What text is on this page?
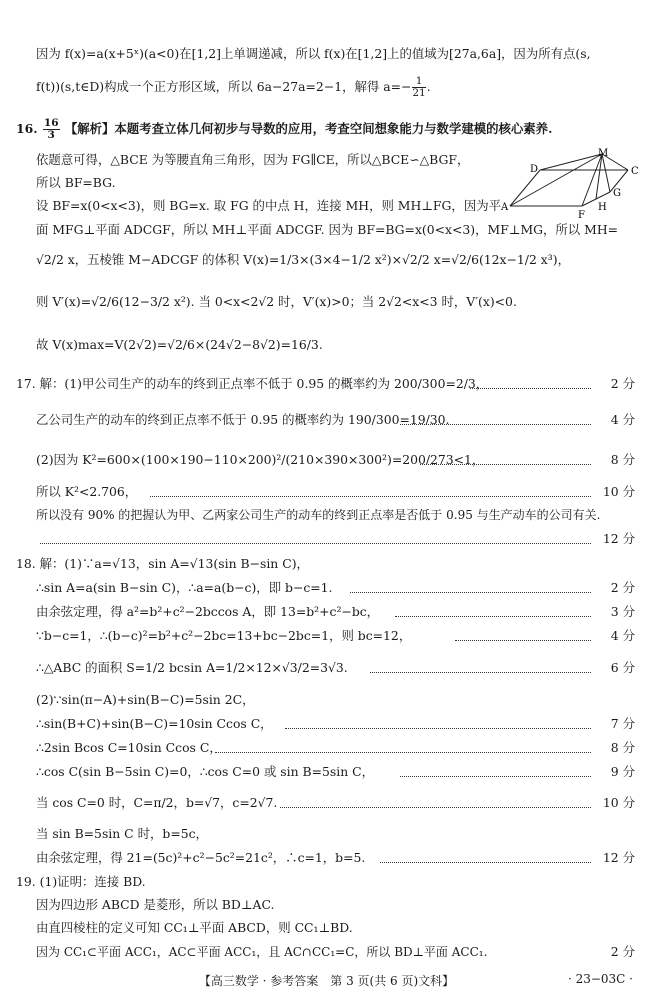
因为 f(x)=a(x+5ˣ)(a<0)在[1,2]上单调递减，所以 f(x)在[1,2]上的值域为[27a,6a]，因为所有点(s,
f(t))(s,t∈D)构成一个正方形区域，所以 6a−27a=2−1，解得 $a=- \frac{1}{21}$ .
16. $\frac{16}{3}$ 【解析】本题考查立体几何初步与导数的应用，考查空间想象能力与数学建模的核心素养.
依题意可得，△BCE 为等腰直角三角形，因为 FG∥CE，所以△BCE∽△BGF，
所以 BF=BG.
设 BF=x(0<x<3)，则 BG=x. 取 FG 的中点 H，连接 MH，则 MH⊥FG，因为平
面 MFG⊥平面 ADCGF，所以 MH⊥平面 ADCGF. 因为 BF=BG=x(0<x<3)，MF⊥MG，所以 MH=
√2/2 x，五棱锥 M−ADCGF 的体积 V(x)=1/3×(3×4−1/2 x²)×√2/2 x=√2/6(12x−1/2 x³)，
则 V′(x)=√2/6(12−3/2 x²). 当 0<x<2√2 时，V′(x)>0；当 2√2<x<3 时，V′(x)<0.
故 V(x)max=V(2√2)=√2/6×(24√2−8√2)=16/3.
M
D	C
A
G
F
H
17. 解：(1)甲公司生产的动车的终到正点率不低于 0.95 的概率约为 200/300=2/3，	2 分
乙公司生产的动车的终到正点率不低于 0.95 的概率约为 190/300=19/30.	4 分
(2)因为 K²=600×(100×190−110×200)²/(210×390×300²)=200/273<1，	8 分
所以 K²<2.706，	10 分
所以没有 90% 的把握认为甲、乙两家公司生产的动车的终到正点率是否低于 0.95 与生产动车的公司有关.
12 分
18. 解：(1)∵a=√13，sin A=√13(sin B−sin C)，
∴sin A=a(sin B−sin C)，∴a=a(b−c)，即 b−c=1.	2 分
由余弦定理，得 a²=b²+c²−2bccos A，即 13=b²+c²−bc，	3 分
∵b−c=1，∴(b−c)²=b²+c²−2bc=13+bc−2bc=1，则 bc=12，	4 分
∴△ABC 的面积 S=1/2 bcsin A=1/2×12×√3/2=3√3.	6 分
(2)∵sin(π−A)+sin(B−C)=5sin 2C，
∴sin(B+C)+sin(B−C)=10sin Ccos C，	7 分
∴2sin Bcos C=10sin Ccos C，	8 分
∴cos C(sin B−5sin C)=0，∴cos C=0 或 sin B=5sin C，	9 分
当 cos C=0 时，C=π/2，b=√7，c=2√7.	10 分
当 sin B=5sin C 时，b=5c，
由余弦定理，得 21=(5c)²+c²−5c²=21c²，∴c=1，b=5.	12 分
19. (1)证明：连接 BD.
因为四边形 ABCD 是菱形，所以 BD⊥AC.
由直四棱柱的定义可知 CC₁⊥平面 ABCD，则 CC₁⊥BD.
因为 CC₁⊂平面 ACC₁，AC⊂平面 ACC₁，且 AC∩CC₁=C，所以 BD⊥平面 ACC₁.	2 分
【高三数学 · 参考答案　第 3 页(共 6 页)文科】	· 23−03C ·
